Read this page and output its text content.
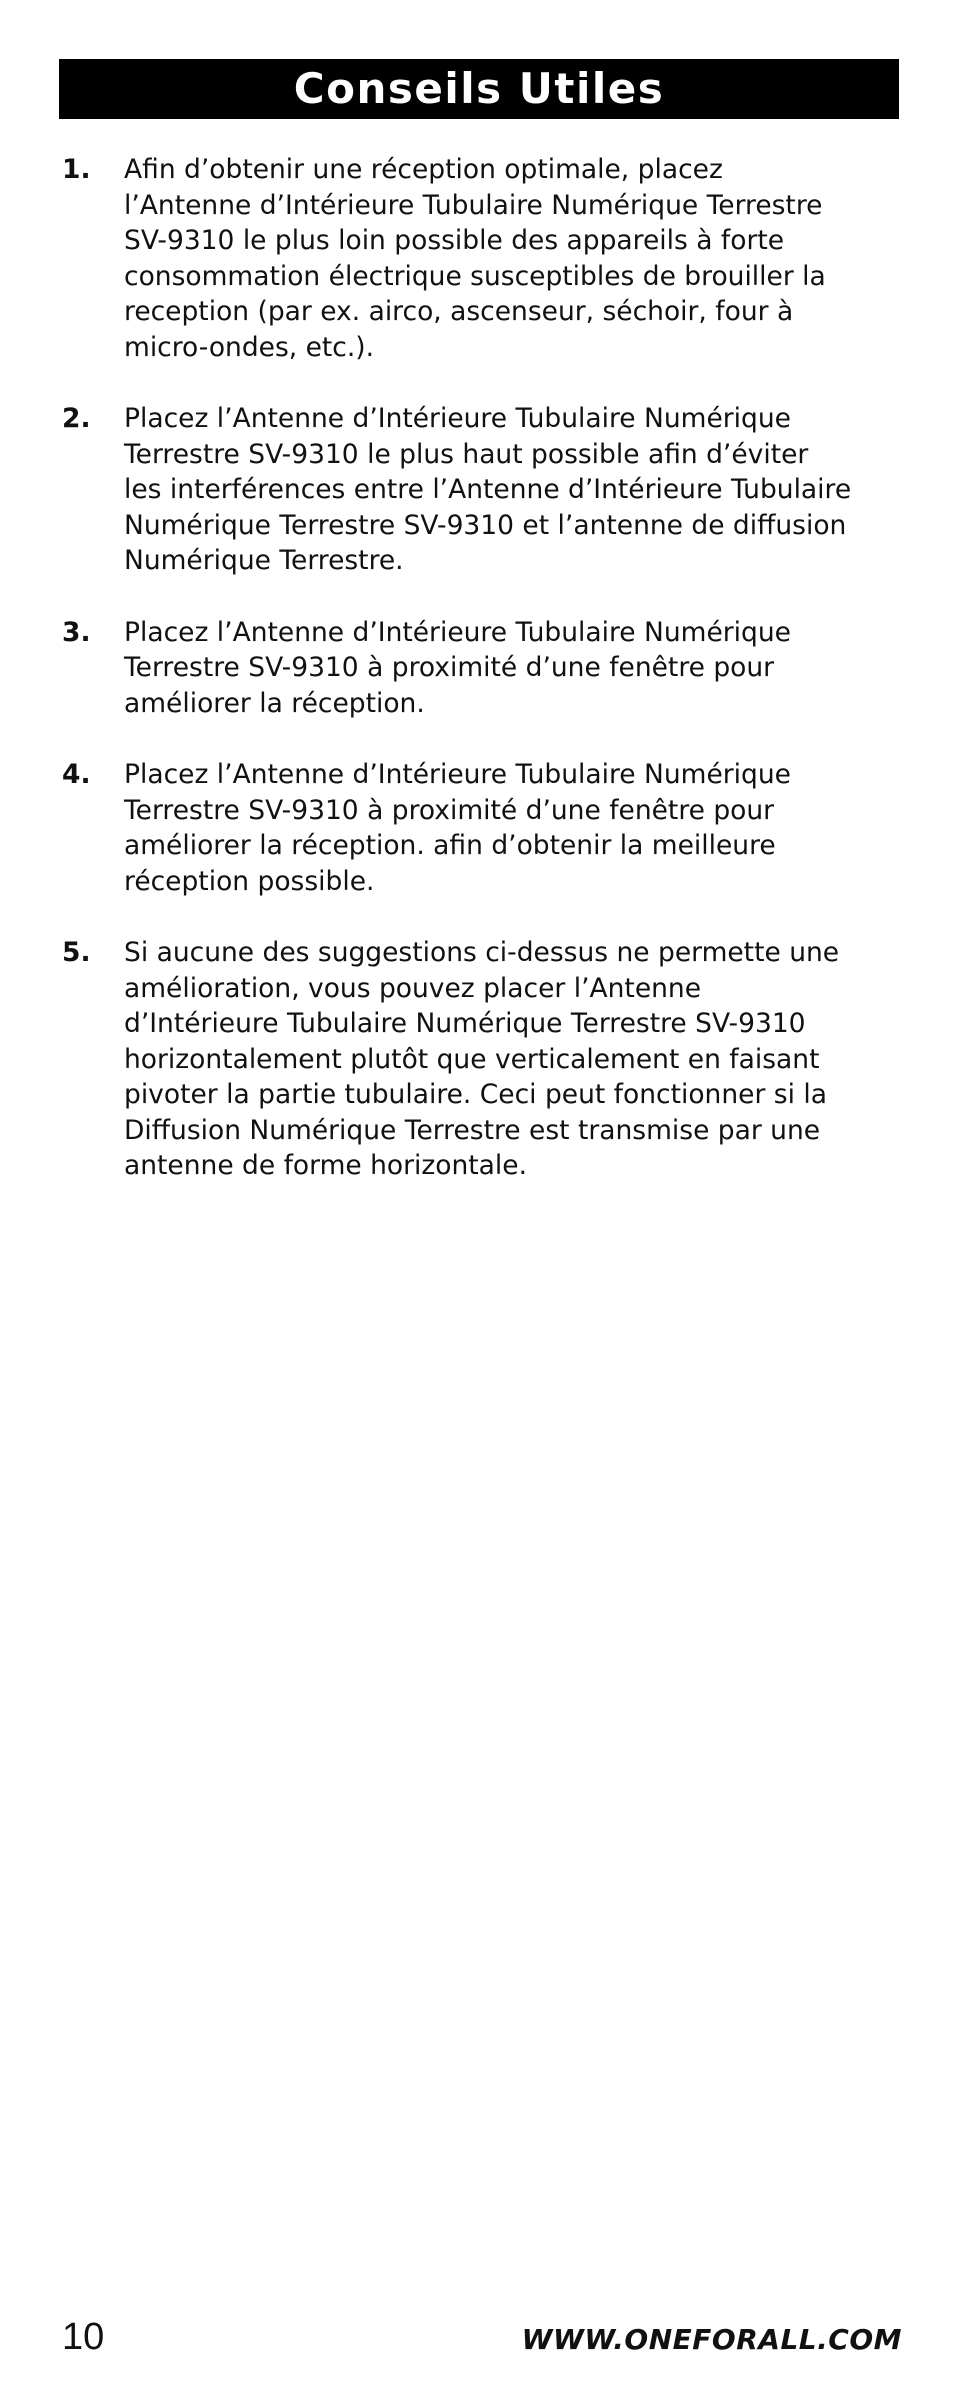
Conseils Utiles
1.	Afin d’obtenir une réception optimale, placez
l’Antenne d’Intérieure Tubulaire Numérique Terrestre
SV-9310 le plus loin possible des appareils à forte
consommation électrique susceptibles de brouiller la
reception (par ex. airco, ascenseur, séchoir, four à
micro-ondes, etc.).
2.	Placez l’Antenne d’Intérieure Tubulaire Numérique
Terrestre SV-9310 le plus haut possible afin d’éviter
les interférences entre l’Antenne d’Intérieure Tubulaire
Numérique Terrestre SV-9310 et l’antenne de diffusion
Numérique Terrestre.
3.	Placez l’Antenne d’Intérieure Tubulaire Numérique
Terrestre SV-9310 à proximité d’une fenêtre pour
améliorer la réception.
4.	Placez l’Antenne d’Intérieure Tubulaire Numérique
Terrestre SV-9310 à proximité d’une fenêtre pour
améliorer la réception. afin d’obtenir la meilleure
réception possible.
5.	Si aucune des suggestions ci-dessus ne permette une
amélioration, vous pouvez placer l’Antenne
d’Intérieure Tubulaire Numérique Terrestre SV-9310
horizontalement plutôt que verticalement en faisant
pivoter la partie tubulaire. Ceci peut fonctionner si la
Diffusion Numérique Terrestre est transmise par une
antenne de forme horizontale.
10	WWW.ONEFORALL.COM
